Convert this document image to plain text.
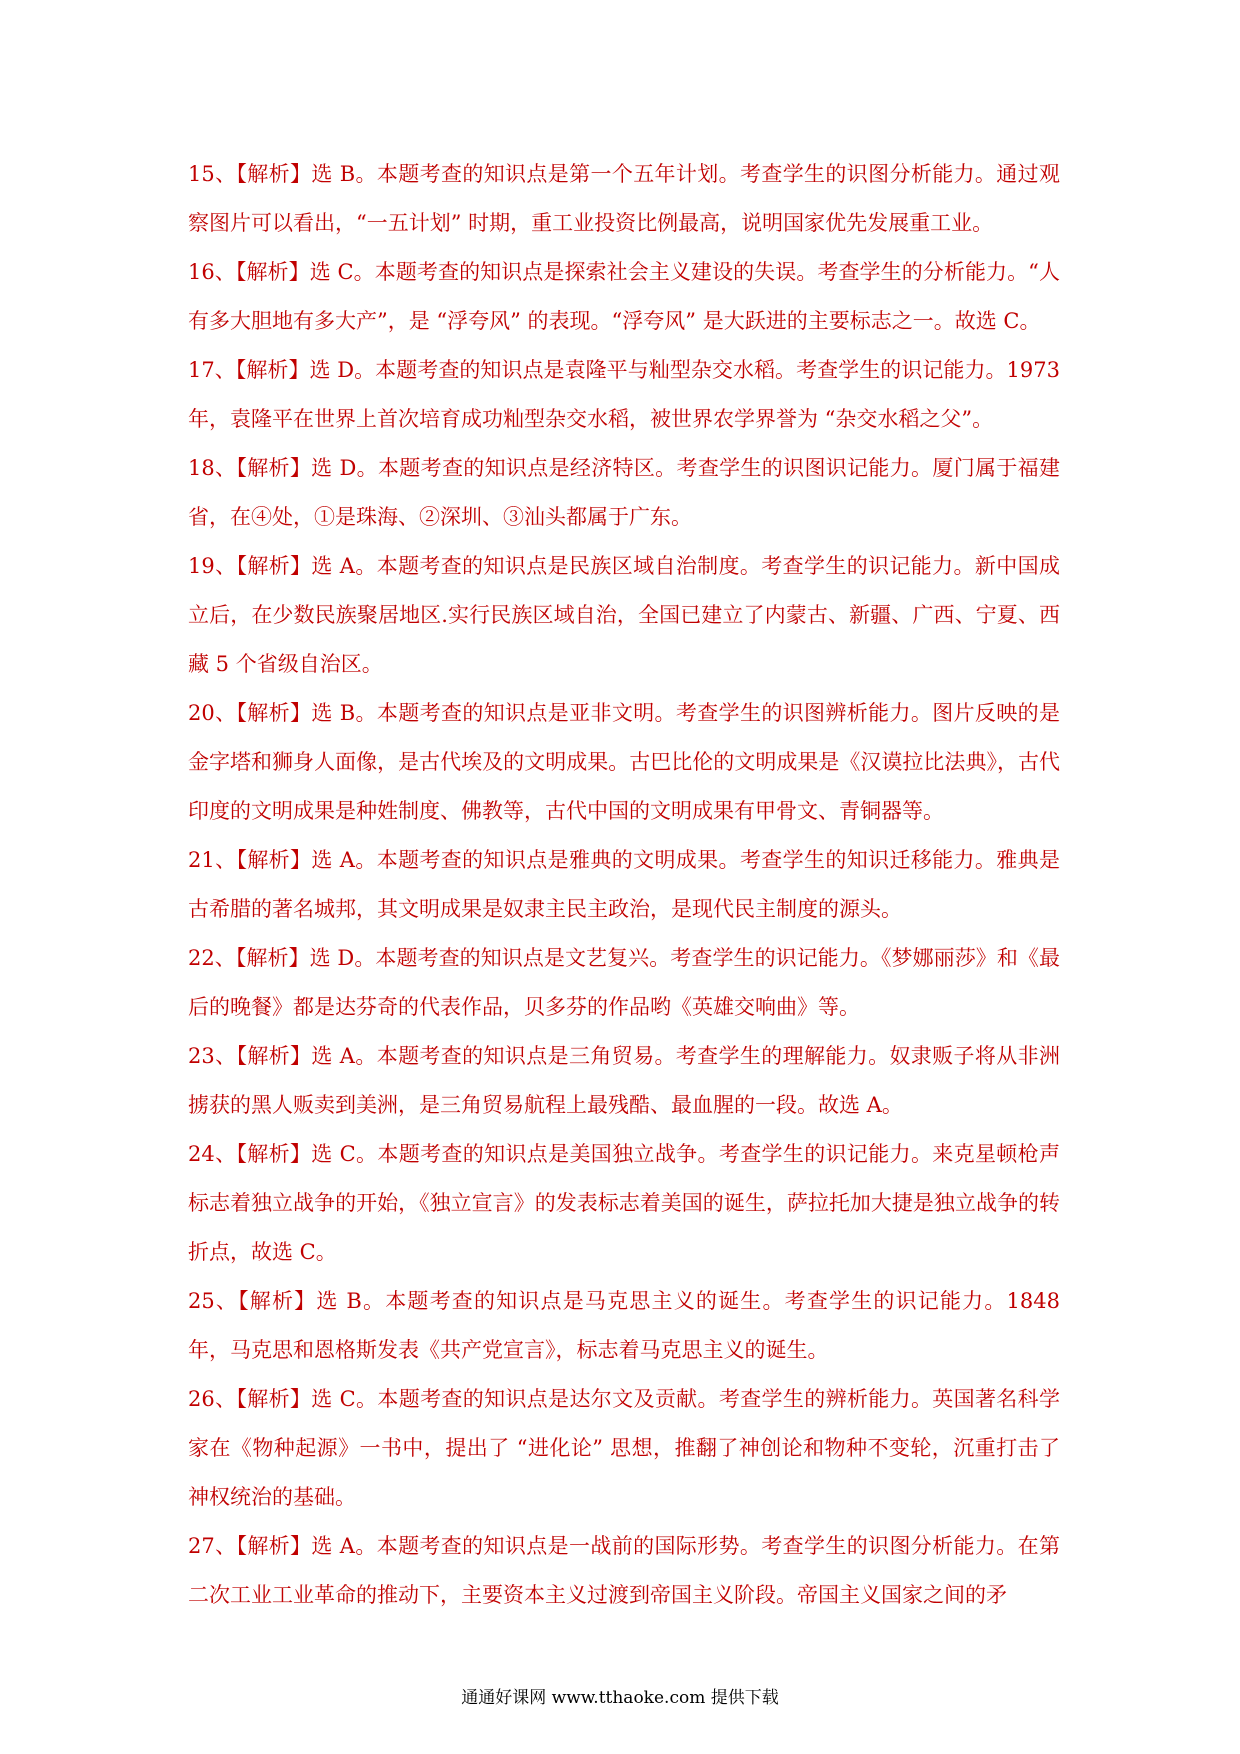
15、【解析】选 B。本题考查的知识点是第一个五年计划。考查学生的识图分析能力。通过观察图片可以看出，“一五计划” 时期，重工业投资比例最高，说明国家优先发展重工业。

16、【解析】选 C。本题考查的知识点是探索社会主义建设的失误。考查学生的分析能力。“人有多大胆地有多大产”，是 “浮夸风” 的表现。“浮夸风” 是大跃进的主要标志之一。故选 C。

17、【解析】选 D。本题考查的知识点是袁隆平与籼型杂交水稻。考查学生的识记能力。1973 年，袁隆平在世界上首次培育成功籼型杂交水稻，被世界农学界誉为 “杂交水稻之父”。

18、【解析】选 D。本题考查的知识点是经济特区。考查学生的识图识记能力。厦门属于福建省，在④处，①是珠海、②深圳、③汕头都属于广东。

19、【解析】选 A。本题考查的知识点是民族区域自治制度。考查学生的识记能力。新中国成立后，在少数民族聚居地区.实行民族区域自治，全国已建立了内蒙古、新疆、广西、宁夏、西藏 5 个省级自治区。

20、【解析】选 B。本题考查的知识点是亚非文明。考查学生的识图辨析能力。图片反映的是金字塔和狮身人面像，是古代埃及的文明成果。古巴比伦的文明成果是《汉谟拉比法典》，古代印度的文明成果是种姓制度、佛教等，古代中国的文明成果有甲骨文、青铜器等。

21、【解析】选 A。本题考查的知识点是雅典的文明成果。考查学生的知识迁移能力。雅典是古希腊的著名城邦，其文明成果是奴隶主民主政治，是现代民主制度的源头。

22、【解析】选 D。本题考查的知识点是文艺复兴。考查学生的识记能力。《梦娜丽莎》和《最后的晚餐》都是达芬奇的代表作品，贝多芬的作品哟《英雄交响曲》等。

23、【解析】选 A。本题考查的知识点是三角贸易。考查学生的理解能力。奴隶贩子将从非洲掳获的黑人贩卖到美洲，是三角贸易航程上最残酷、最血腥的一段。故选 A。

24、【解析】选 C。本题考查的知识点是美国独立战争。考查学生的识记能力。来克星顿枪声标志着独立战争的开始，《独立宣言》的发表标志着美国的诞生，萨拉托加大捷是独立战争的转折点，故选 C。

25、【解析】选 B。本题考查的知识点是马克思主义的诞生。考查学生的识记能力。1848 年，马克思和恩格斯发表《共产党宣言》，标志着马克思主义的诞生。

26、【解析】选 C。本题考查的知识点是达尔文及贡献。考查学生的辨析能力。英国著名科学家在《物种起源》一书中，提出了 “进化论” 思想，推翻了神创论和物种不变轮，沉重打击了神权统治的基础。

27、【解析】选 A。本题考查的知识点是一战前的国际形势。考查学生的识图分析能力。在第二次工业工业革命的推动下，主要资本主义过渡到帝国主义阶段。帝国主义国家之间的矛

通通好课网 www.tthaoke.com 提供下载
